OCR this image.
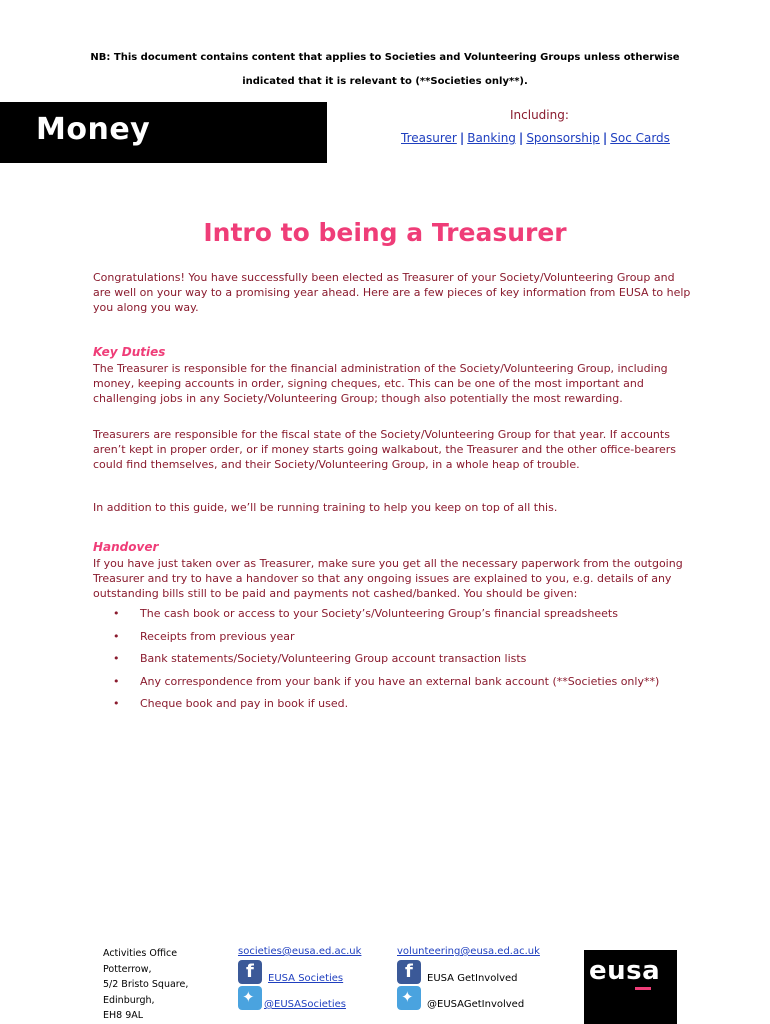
NB: This document contains content that applies to Societies and Volunteering Groups unless otherwise
indicated that it is relevant to (**Societies only**).
Money	Including:
Treasurer | Banking | Sponsorship | Soc Cards
Intro to being a Treasurer
Congratulations! You have successfully been elected as Treasurer of your Society/Volunteering Group and are well on your way to a promising year ahead. Here are a few pieces of key information from EUSA to help you along you way.
Key Duties
The Treasurer is responsible for the financial administration of the Society/Volunteering Group, including money, keeping accounts in order, signing cheques, etc. This can be one of the most important and challenging jobs in any Society/Volunteering Group; though also potentially the most rewarding.
Treasurers are responsible for the fiscal state of the Society/Volunteering Group for that year. If accounts aren’t kept in proper order, or if money starts going walkabout, the Treasurer and the other office-bearers could find themselves, and their Society/Volunteering Group, in a whole heap of trouble.
In addition to this guide, we’ll be running training to help you keep on top of all this.
Handover
If you have just taken over as Treasurer, make sure you get all the necessary paperwork from the outgoing Treasurer and try to have a handover so that any ongoing issues are explained to you, e.g. details of any outstanding bills still to be paid and payments not cashed/banked. You should be given:
• The cash book or access to your Society’s/Volunteering Group’s financial spreadsheets
• Receipts from previous year
• Bank statements/Society/Volunteering Group account transaction lists
• Any correspondence from your bank if you have an external bank account (**Societies only**)
• Cheque book and pay in book if used.
Activities Office
Potterrow,
5/2 Bristo Square,
Edinburgh,
EH8 9AL
societies@eusa.ed.ac.uk	volunteering@eusa.ed.ac.uk
f EUSA Societies	f EUSA GetInvolved
✦ @EUSASocieties	✦ @EUSAGetInvolved
eusa
